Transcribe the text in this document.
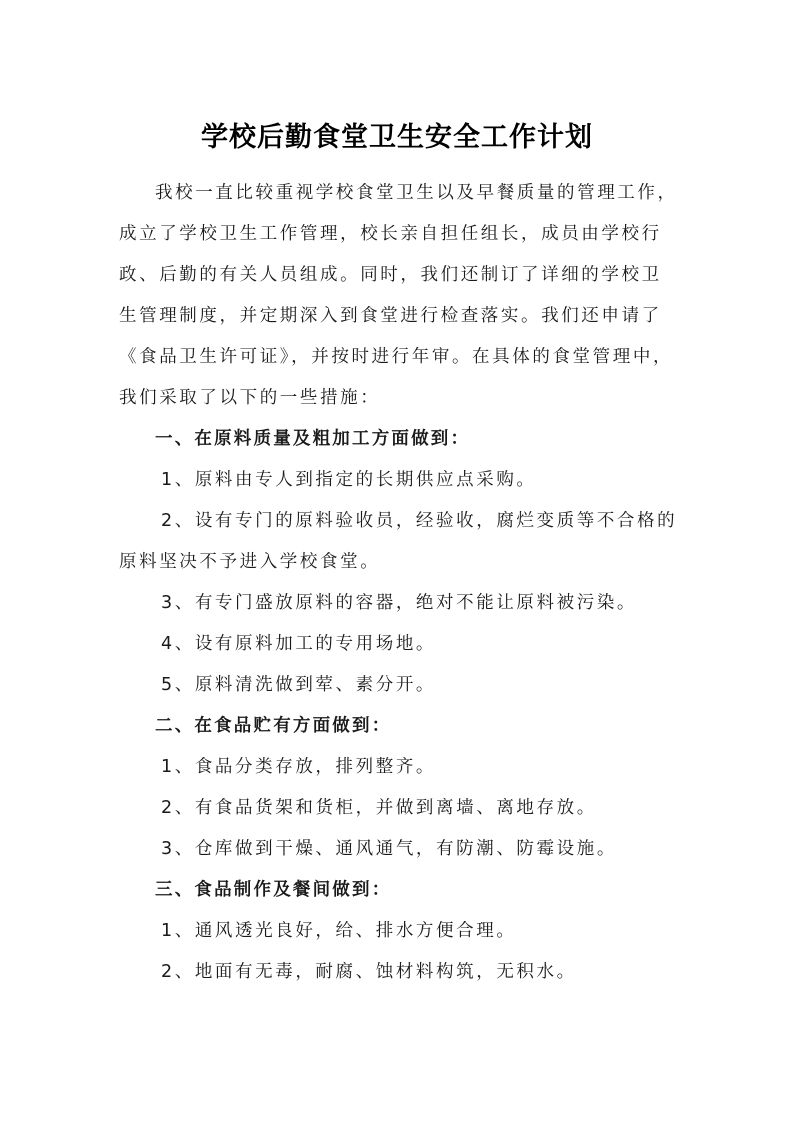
学校后勤食堂卫生安全工作计划

我校一直比较重视学校食堂卫生以及早餐质量的管理工作，成立了学校卫生工作管理，校长亲自担任组长，成员由学校行政、后勤的有关人员组成。同时，我们还制订了详细的学校卫生管理制度，并定期深入到食堂进行检查落实。我们还申请了《食品卫生许可证》，并按时进行年审。在具体的食堂管理中，我们采取了以下的一些措施：

一、在原料质量及粗加工方面做到：

1、原料由专人到指定的长期供应点采购。

2、设有专门的原料验收员，经验收，腐烂变质等不合格的原料坚决不予进入学校食堂。

3、有专门盛放原料的容器，绝对不能让原料被污染。

4、设有原料加工的专用场地。

5、原料清洗做到荤、素分开。

二、在食品贮有方面做到：

1、食品分类存放，排列整齐。

2、有食品货架和货柜，并做到离墙、离地存放。

3、仓库做到干燥、通风通气，有防潮、防霉设施。

三、食品制作及餐间做到：

1、通风透光良好，给、排水方便合理。

2、地面有无毒，耐腐、蚀材料构筑，无积水。
